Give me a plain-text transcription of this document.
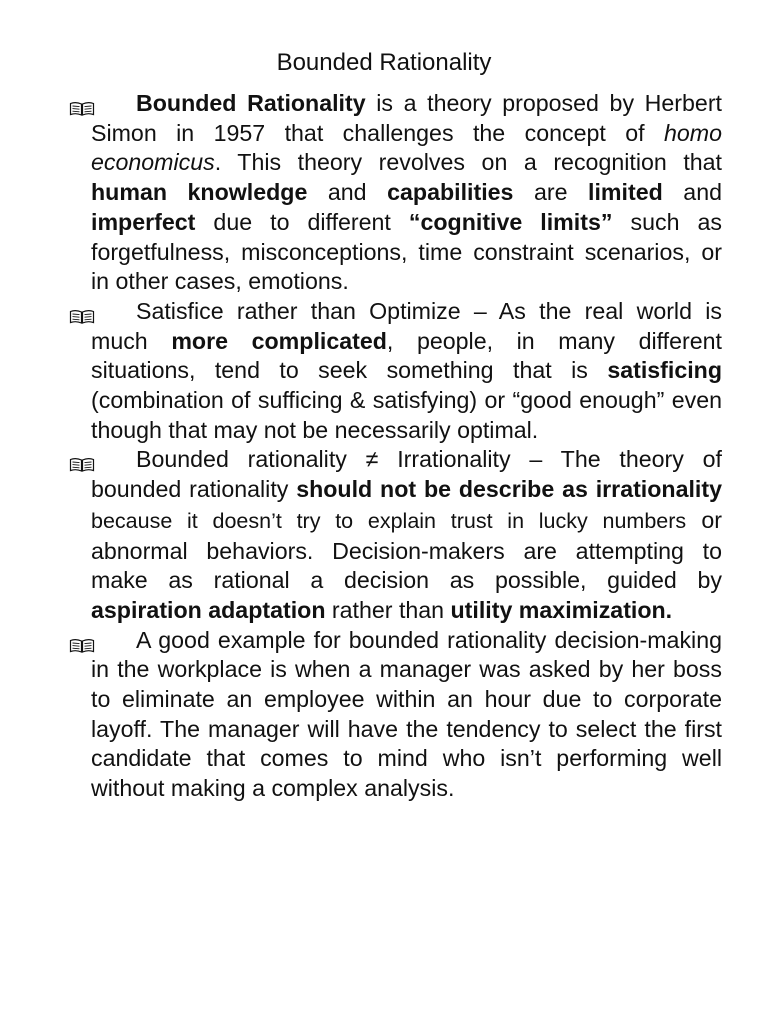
Bounded Rationality
Bounded Rationality is a theory proposed by Herbert Simon in 1957 that challenges the concept of homo economicus. This theory revolves on a recognition that human knowledge and capabilities are limited and imperfect due to different “cognitive limits” such as forgetfulness, misconceptions, time constraint scenarios, or in other cases, emotions.
Satisfice rather than Optimize – As the real world is much more complicated, people, in many different situations, tend to seek something that is satisficing (combination of sufficing & satisfying) or “good enough” even though that may not be necessarily optimal.
Bounded rationality ≠ Irrationality – The theory of bounded rationality should not be describe as irrationality because it doesn’t try to explain trust in lucky numbers or abnormal behaviors. Decision-makers are attempting to make as rational a decision as possible, guided by aspiration adaptation rather than utility maximization.
A good example for bounded rationality decision-making in the workplace is when a manager was asked by her boss to eliminate an employee within an hour due to corporate layoff. The manager will have the tendency to select the first candidate that comes to mind who isn’t performing well without making a complex analysis.
